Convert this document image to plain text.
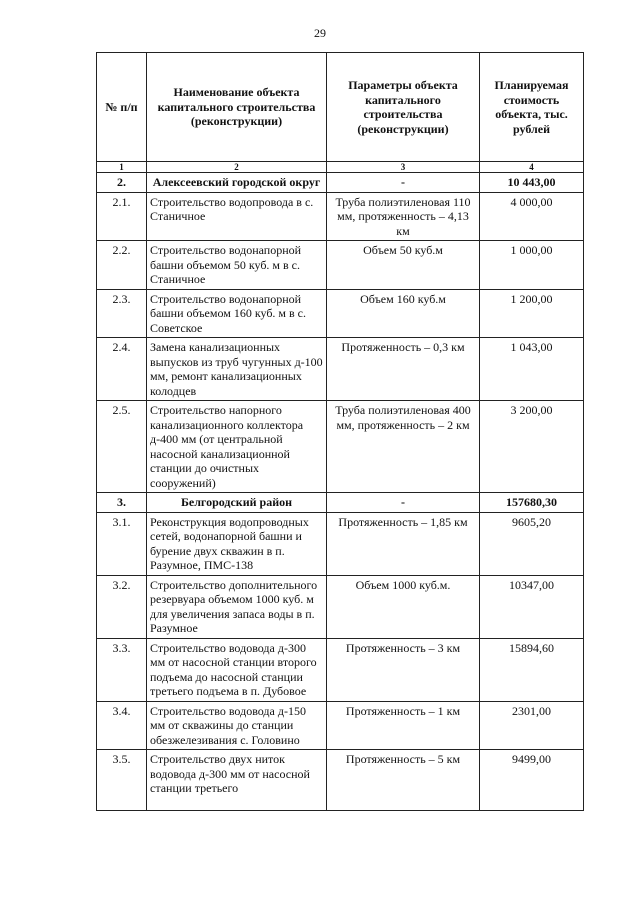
29
№ п/п	Наименование объекта капитального строительства (реконструкции)	Параметры объекта капитального строительства (реконструкции)	Планируемая стоимость объекта, тыс. рублей
1	2	3	4
2.	Алексеевский городской округ	-	10 443,00
2.1.	Строительство водопровода в с. Станичное	Труба полиэтиленовая 110 мм, протяженность – 4,13 км	4 000,00
2.2.	Строительство водонапорной башни объемом 50 куб. м в с. Станичное	Объем 50 куб.м	1 000,00
2.3.	Строительство водонапорной башни объемом 160 куб. м в с. Советское	Объем 160 куб.м	1 200,00
2.4.	Замена канализационных выпусков из труб чугунных д-100 мм, ремонт канализационных колодцев	Протяженность – 0,3 км	1 043,00
2.5.	Строительство напорного канализационного коллектора д-400 мм (от центральной насосной канализационной станции до очистных сооружений)	Труба полиэтиленовая 400 мм, протяженность – 2 км	3 200,00
3.	Белгородский район	-	157680,30
3.1.	Реконструкция водопроводных сетей, водонапорной башни и бурение двух скважин в п. Разумное, ПМС-138	Протяженность – 1,85 км	9605,20
3.2.	Строительство дополнительного резервуара объемом 1000 куб. м для увеличения запаса воды в п. Разумное	Объем 1000 куб.м.	10347,00
3.3.	Строительство водовода д-300 мм от насосной станции второго подъема до насосной станции третьего подъема в п. Дубовое	Протяженность – 3 км	15894,60
3.4.	Строительство водовода д-150 мм от скважины до станции обезжелезивания с. Головино	Протяженность – 1 км	2301,00
3.5.	Строительство двух ниток водовода д-300 мм от насосной станции третьего	Протяженность – 5 км	9499,00
